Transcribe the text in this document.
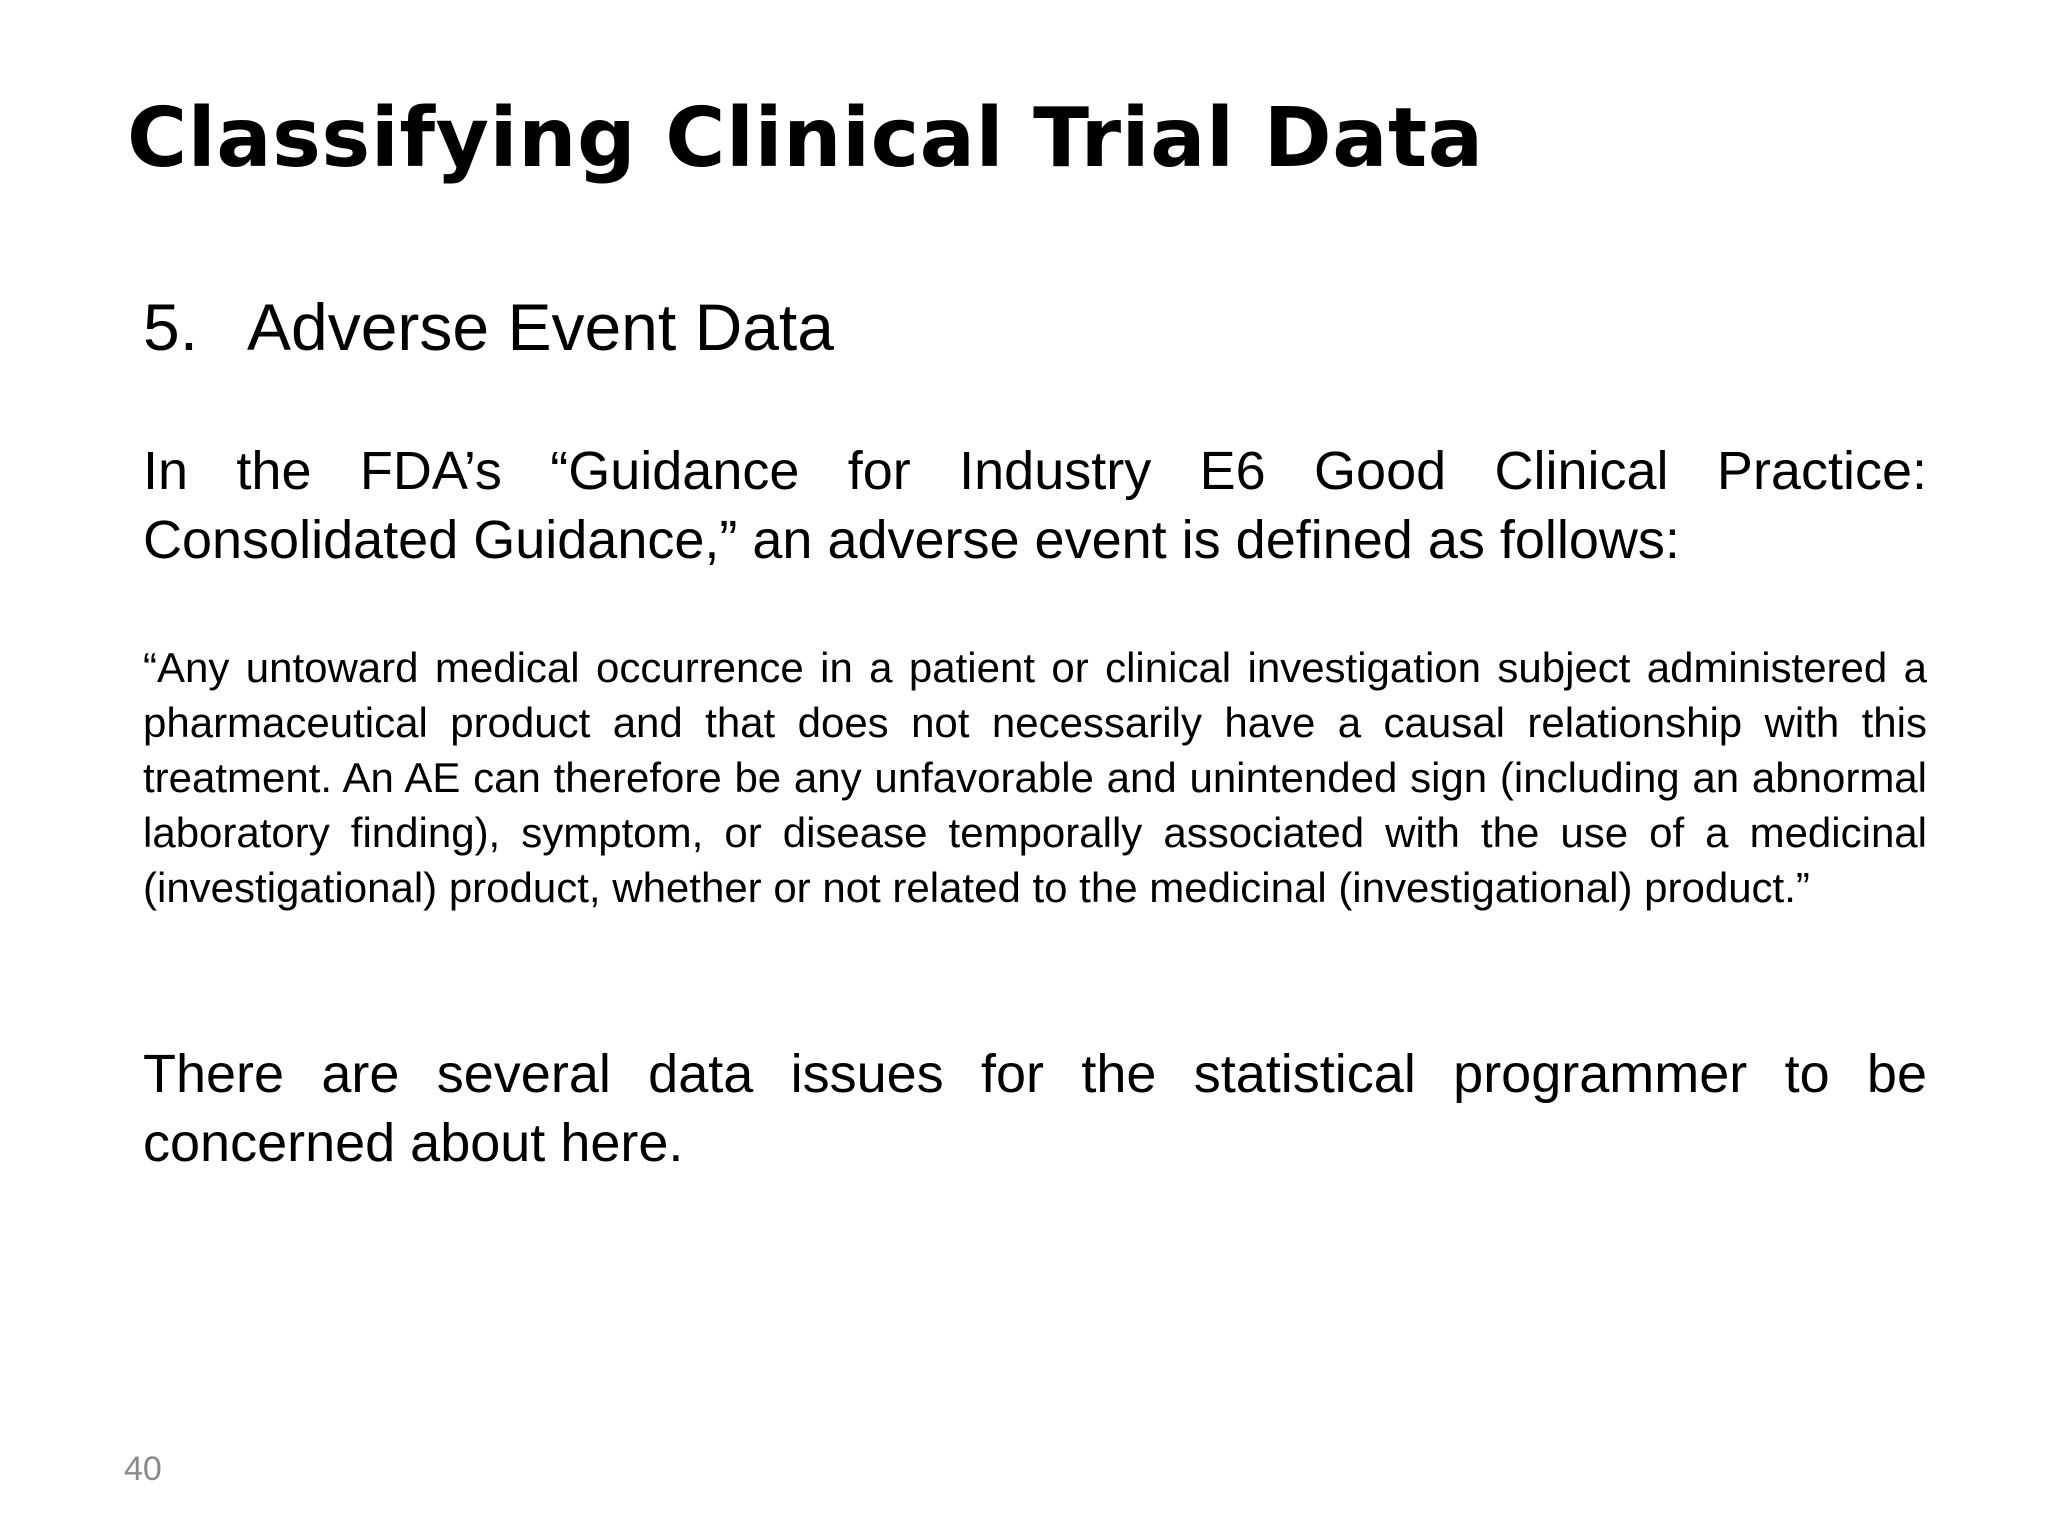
Classifying Clinical Trial Data
5. Adverse Event Data

In the FDA’s “Guidance for Industry E6 Good Clinical Practice: Consolidated Guidance,” an adverse event is defined as follows:

“Any untoward medical occurrence in a patient or clinical investigation subject administered a pharmaceutical product and that does not necessarily have a causal relationship with this treatment. An AE can therefore be any unfavorable and unintended sign (including an abnormal laboratory finding), symptom, or disease temporally associated with the use of a medicinal (investigational) product, whether or not related to the medicinal (investigational) product.”

There are several data issues for the statistical programmer to be concerned about here.

40
